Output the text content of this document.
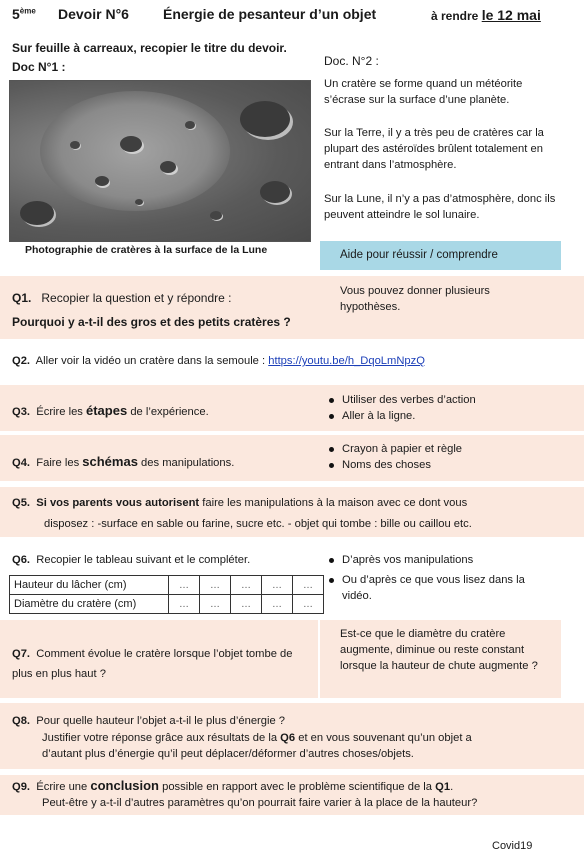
5ème Devoir N°6 Énergie de pesanteur d’un objet	à rendre le 12 mai
Sur feuille à carreaux, recopier le titre du devoir.
Doc N°1 :	Doc. N°2 :
Photographie de cratères à la surface de la Lune
Un cratère se forme quand un météorite s’écrase sur la surface d’une planète.
Sur la Terre, il y a très peu de cratères car la plupart des astéroïdes brûlent totalement en entrant dans l’atmosphère.
Sur la Lune, il n’y a pas d’atmosphère, donc ils peuvent atteindre le sol lunaire.
Aide pour réussir / comprendre
Q1. Recopier la question et y répondre :
Pourquoi y a-t-il des gros et des petits cratères ?
Vous pouvez donner plusieurs hypothèses.
Q2. Aller voir la vidéo un cratère dans la semoule : https://youtu.be/h_DqoLmNpzQ
Q3. Écrire les étapes de l’expérience.
Utiliser des verbes d’action
Aller à la ligne.
Q4. Faire les schémas des manipulations.
Crayon à papier et règle
Noms des choses
Q5. Si vos parents vous autorisent faire les manipulations à la maison avec ce dont vous
disposez : -surface en sable ou farine, sucre etc. - objet qui tombe : bille ou caillou etc.
Q6. Recopier le tableau suivant et le compléter.
Hauteur du lâcher (cm)	…	…	…	…	…
Diamètre du cratère (cm)	…	…	…	…	…
D’après vos manipulations
Ou d’après ce que vous lisez dans la vidéo.
Q7. Comment évolue le cratère lorsque l’objet tombe de plus en plus haut ?
Est-ce que le diamètre du cratère augmente, diminue ou reste constant lorsque la hauteur de chute augmente ?
Q8. Pour quelle hauteur l’objet a-t-il le plus d’énergie ?
Justifier votre réponse grâce aux résultats de la Q6 et en vous souvenant qu’un objet a
d’autant plus d’énergie qu’il peut déplacer/déformer d’autres choses/objets.
Q9. Écrire une conclusion possible en rapport avec le problème scientifique de la Q1.
Peut-être y a-t-il d’autres paramètres qu’on pourrait faire varier à la place de la hauteur?
Covid19
